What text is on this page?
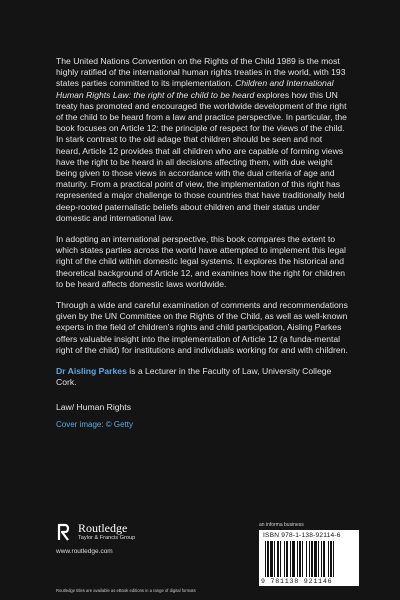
The United Nations Convention on the Rights of the Child 1989 is the most highly ratified of the international human rights treaties in the world, with 193 states parties committed to its implementation. Children and International Human Rights Law: the right of the child to be heard explores how this UN treaty has promoted and encouraged the worldwide development of the right of the child to be heard from a law and practice perspective. In particular, the book focuses on Article 12: the principle of respect for the views of the child. In stark contrast to the old adage that children should be seen and not heard, Article 12 provides that all children who are capable of forming views have the right to be heard in all decisions affecting them, with due weight being given to those views in accordance with the dual criteria of age and maturity. From a practical point of view, the implementation of this right has represented a major challenge to those countries that have traditionally held deep-rooted paternalistic beliefs about children and their status under domestic and international law.

In adopting an international perspective, this book compares the extent to which states parties across the world have attempted to implement this legal right of the child within domestic legal systems. It explores the historical and theoretical background of Article 12, and examines how the right for children to be heard affects domestic laws worldwide.

Through a wide and careful examination of comments and recommendations given by the UN Committee on the Rights of the Child, as well as well-known experts in the field of children's rights and child participation, Aisling Parkes offers valuable insight into the implementation of Article 12 (a funda-mental right of the child) for institutions and individuals working for and with children.

Dr Aisling Parkes is a Lecturer in the Faculty of Law, University College Cork.

Law/ Human Rights

Cover image: © Getty
Routledge
Taylor & Francis Group
www.routledge.com
an informa business
ISBN 978-1-138-92114-6
9 781138 921146
Routledge titles are available as eBook editions in a range of digital formats
